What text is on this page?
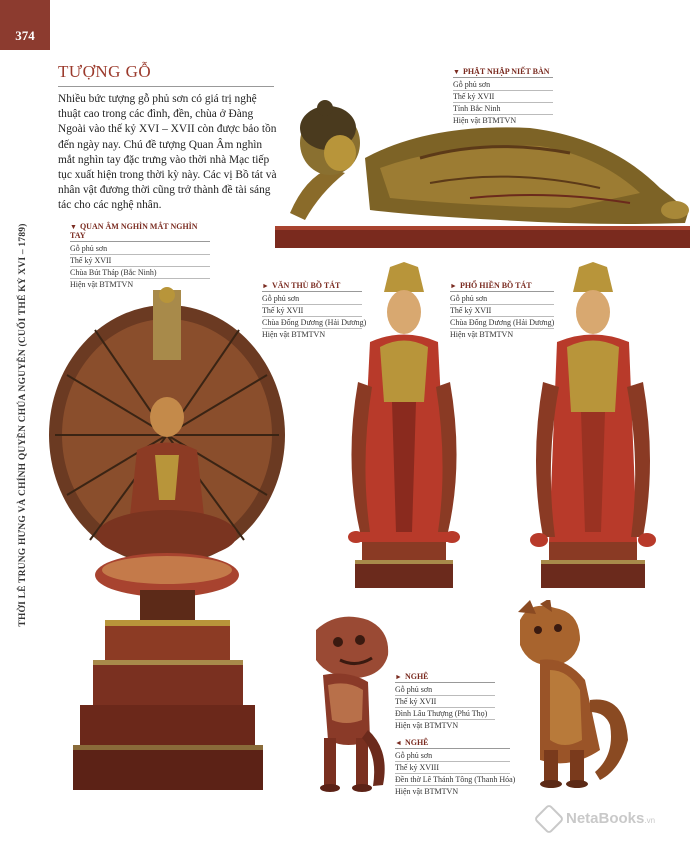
374
THỜI LÊ TRUNG HƯNG VÀ CHÍNH QUYỀN CHÚA NGUYỄN (CUỐI THẾ KỶ XVI – 1789)
TƯỢNG GỖ
Nhiều bức tượng gỗ phủ sơn có giá trị nghệ thuật cao trong các đình, đền, chùa ở Đàng Ngoài vào thế kỷ XVI – XVII còn được bảo tồn đến ngày nay. Chú đề tượng Quan Âm nghìn mắt nghìn tay đặc trưng vào thời nhà Mạc tiếp tục xuất hiện trong thời kỳ này. Các vị Bồ tát và nhân vật đương thời cũng trở thành đề tài sáng tác cho các nghệ nhân.
▼ PHẬT NHẬP NIẾT BÀN
Gỗ phủ sơn
Thế kỷ XVII
Tỉnh Bắc Ninh
Hiện vật BTMTVN
▼ QUAN ÂM NGHÌN MẮT NGHÌN TAY
Gỗ phủ sơn
Thế kỷ XVII
Chùa Bút Tháp (Bắc Ninh)
Hiện vật BTMTVN	► VĂN THÙ BỒ TÁT
Gỗ phủ sơn
Thế kỷ XVII
Chùa Đống Dương (Hải Dương)
Hiện vật BTMTVN
► PHỔ HIỀN BỒ TÁT
Gỗ phủ sơn
Thế kỷ XVII
Chùa Đống Dương (Hải Dương)
Hiện vật BTMTVN
► NGHÊ
Gỗ phủ sơn
Thế kỷ XVII
Đình Lâu Thượng (Phú Thọ)
Hiện vật BTMTVN
◄ NGHÊ
Gỗ phủ sơn
Thế kỷ XVIII
Đền thờ Lê Thánh Tông (Thanh Hóa)
Hiện vật BTMTVN
NetaBooks.vn
